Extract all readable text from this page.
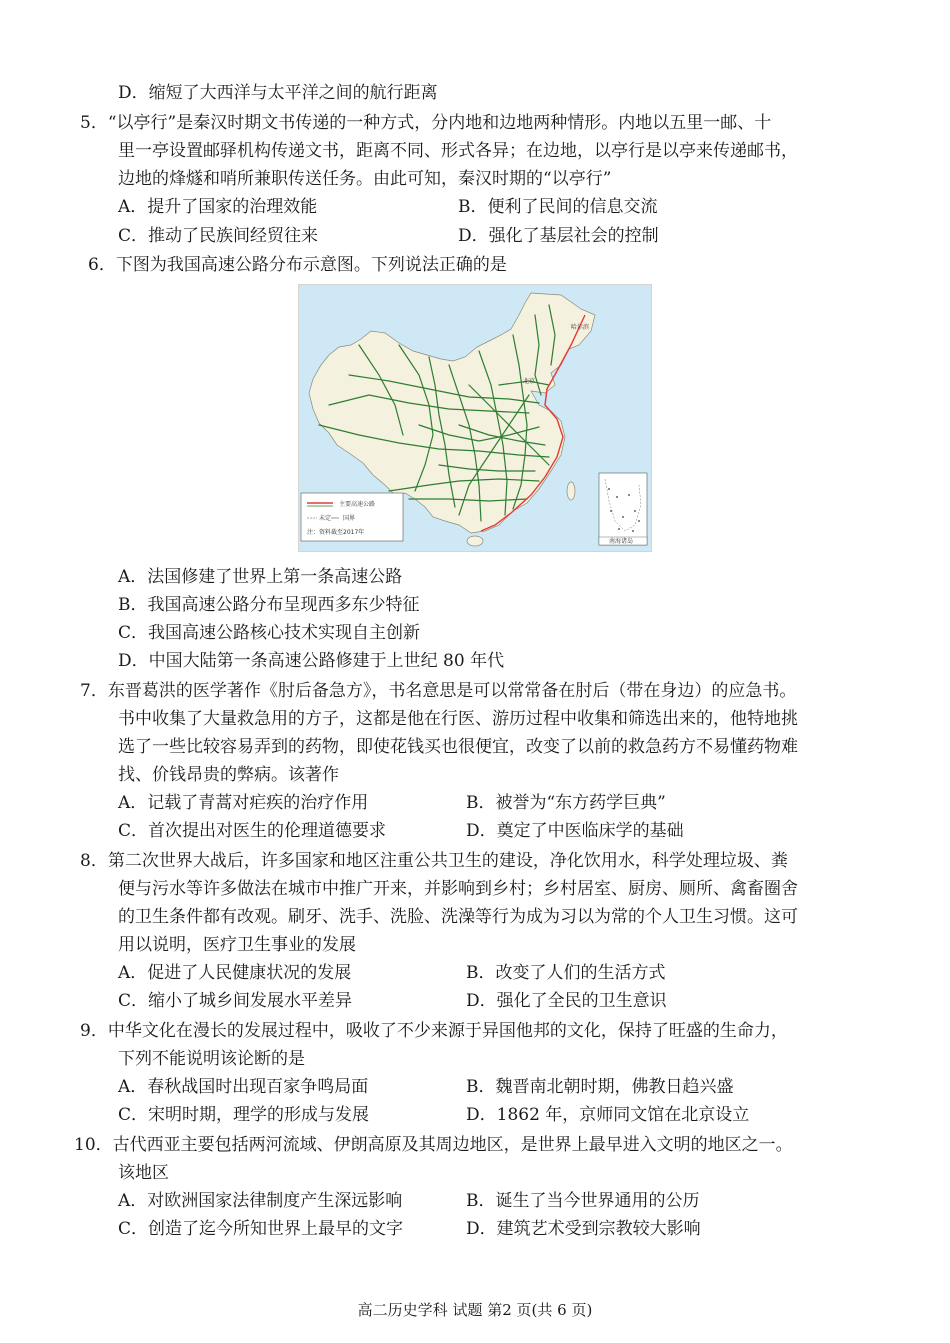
D．缩短了大西洋与太平洋之间的航行距离
5．“以亭行”是秦汉时期文书传递的一种方式，分内地和边地两种情形。内地以五里一邮、十
里一亭设置邮驿机构传递文书，距离不同、形式各异；在边地，以亭行是以亭来传递邮书，
边地的烽燧和哨所兼职传送任务。由此可知，秦汉时期的“以亭行”
A．提升了国家的治理效能	B．便利了民间的信息交流
C．推动了民族间经贸往来	D．强化了基层社会的控制
6．下图为我国高速公路分布示意图。下列说法正确的是
北京
哈尔滨
主要高速公路
未定 国界
注：资料截至2017年
南海诸岛
A．法国修建了世界上第一条高速公路
B．我国高速公路分布呈现西多东少特征
C．我国高速公路核心技术实现自主创新
D．中国大陆第一条高速公路修建于上世纪 80 年代
7．东晋葛洪的医学著作《肘后备急方》，书名意思是可以常常备在肘后（带在身边）的应急书。
书中收集了大量救急用的方子，这都是他在行医、游历过程中收集和筛选出来的，他特地挑
选了一些比较容易弄到的药物，即使花钱买也很便宜，改变了以前的救急药方不易懂药物难
找、价钱昂贵的弊病。该著作
A．记载了青蒿对疟疾的治疗作用	B．被誉为“东方药学巨典”
C．首次提出对医生的伦理道德要求	D．奠定了中医临床学的基础
8．第二次世界大战后，许多国家和地区注重公共卫生的建设，净化饮用水，科学处理垃圾、粪
便与污水等许多做法在城市中推广开来，并影响到乡村；乡村居室、厨房、厕所、禽畜圈舍
的卫生条件都有改观。刷牙、洗手、洗脸、洗澡等行为成为习以为常的个人卫生习惯。这可
用以说明，医疗卫生事业的发展
A．促进了人民健康状况的发展	B．改变了人们的生活方式
C．缩小了城乡间发展水平差异	D．强化了全民的卫生意识
9．中华文化在漫长的发展过程中，吸收了不少来源于异国他邦的文化，保持了旺盛的生命力，
下列不能说明该论断的是
A．春秋战国时出现百家争鸣局面	B．魏晋南北朝时期，佛教日趋兴盛
C．宋明时期，理学的形成与发展	D．1862 年，京师同文馆在北京设立
10．古代西亚主要包括两河流域、伊朗高原及其周边地区，是世界上最早进入文明的地区之一。
该地区
A．对欧洲国家法律制度产生深远影响	B．诞生了当今世界通用的公历
C．创造了迄今所知世界上最早的文字	D．建筑艺术受到宗教较大影响
高二历史学科 试题 第2 页(共 6 页)
